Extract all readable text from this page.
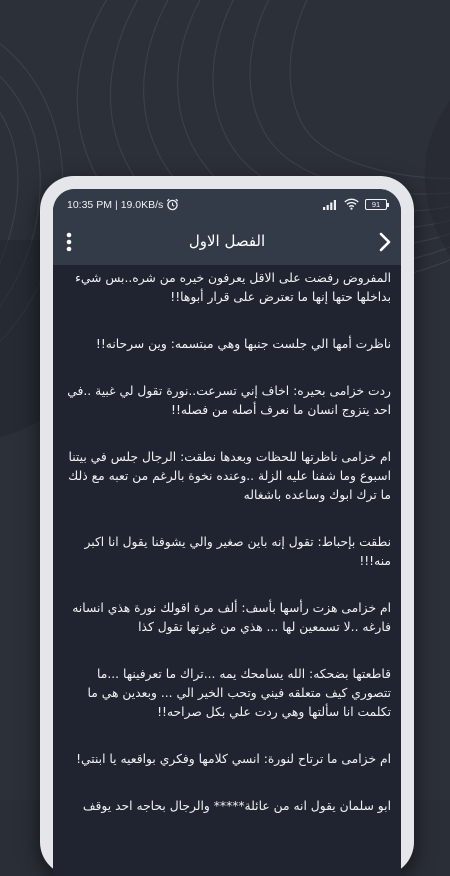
10:35 PM | 19.0KB/s	91
الفصل الاول

المفروض رفضت على الاقل يعرفون خيره من شره..بس شيء بداخلها حتها إنها ما تعترض على قرار أبوها!!

ناظرت أمها الي جلست جنبها وهي مبتسمه: وين سرحانه!!

ردت خزامى بحيره: اخاف إني تسرعت..نورة تقول لي غبية ..في احد يتزوج انسان ما نعرف أصله من فصله!!

ام خزامى ناظرتها للحظات وبعدها نطقت: الرجال جلس في بيتنا اسبوع وما شفنا عليه الزلة ..وعنده نخوة بالرغم من تعبه مع ذلك ما ترك ابوك وساعده باشغاله

نطقت بإحباط: تقول إنه باين صغير والي يشوفنا يقول انا اكبر منه!!!

ام خزامى هزت رأسها بأسف: ألف مرة اقولك نورة هذي انسانه فارغه ..لا تسمعين لها ... هذي من غيرتها تقول كذا

قاطعتها بضحكه: الله يسامحك يمه ...تراك ما تعرفينها ...ما تتصوري كيف متعلقه فيني وتحب الخير الي ... وبعدين هي ما تكلمت انا سألتها وهي ردت علي بكل صراحه!!

ام خزامى ما ترتاح لنورة: انسي كلامها وفكري بواقعيه يا ابنتي!

ابو سلمان يقول انه من عائلة***** والرجال بحاجه احد يوقف
